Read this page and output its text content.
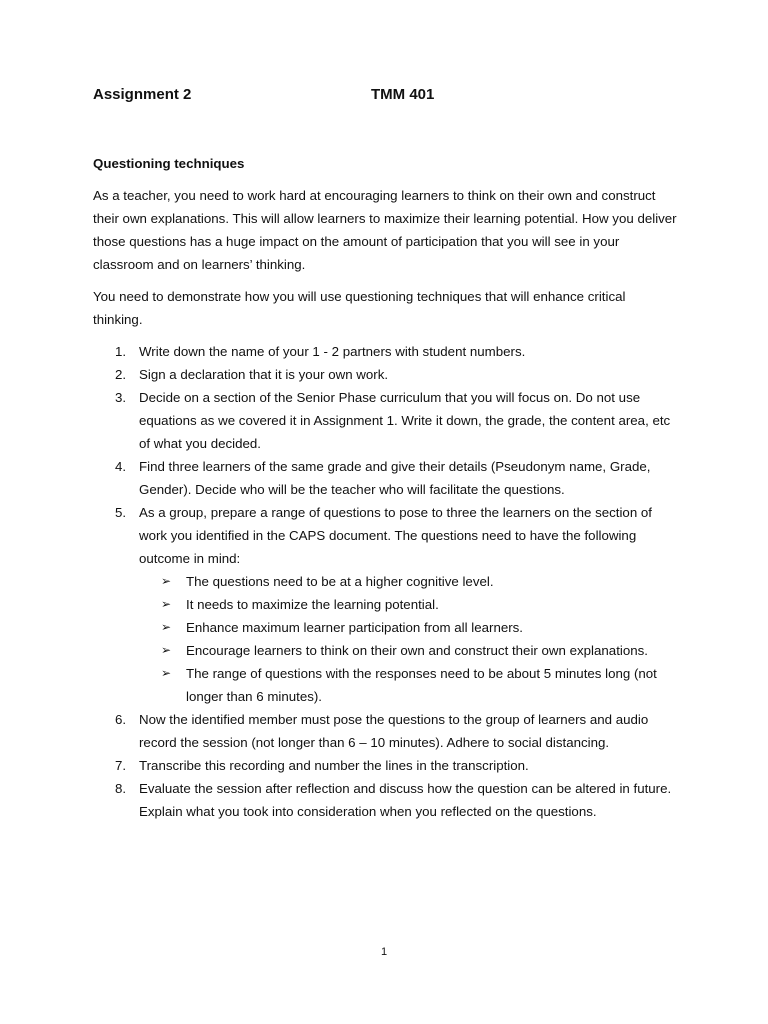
Assignment 2	TMM 401
Questioning techniques

As a teacher, you need to work hard at encouraging learners to think on their own and construct their own explanations. This will allow learners to maximize their learning potential. How you deliver those questions has a huge impact on the amount of participation that you will see in your classroom and on learners’ thinking.

You need to demonstrate how you will use questioning techniques that will enhance critical thinking.

1. Write down the name of your 1 - 2 partners with student numbers.
2. Sign a declaration that it is your own work.
3. Decide on a section of the Senior Phase curriculum that you will focus on. Do not use equations as we covered it in Assignment 1. Write it down, the grade, the content area, etc of what you decided.
4. Find three learners of the same grade and give their details (Pseudonym name, Grade, Gender). Decide who will be the teacher who will facilitate the questions.
5. As a group, prepare a range of questions to pose to three the learners on the section of work you identified in the CAPS document. The questions need to have the following outcome in mind:
➢ The questions need to be at a higher cognitive level.
➢ It needs to maximize the learning potential.
➢ Enhance maximum learner participation from all learners.
➢ Encourage learners to think on their own and construct their own explanations.
➢ The range of questions with the responses need to be about 5 minutes long (not longer than 6 minutes).
6. Now the identified member must pose the questions to the group of learners and audio record the session (not longer than 6 – 10 minutes). Adhere to social distancing.
7. Transcribe this recording and number the lines in the transcription.
8. Evaluate the session after reflection and discuss how the question can be altered in future. Explain what you took into consideration when you reflected on the questions.
1
